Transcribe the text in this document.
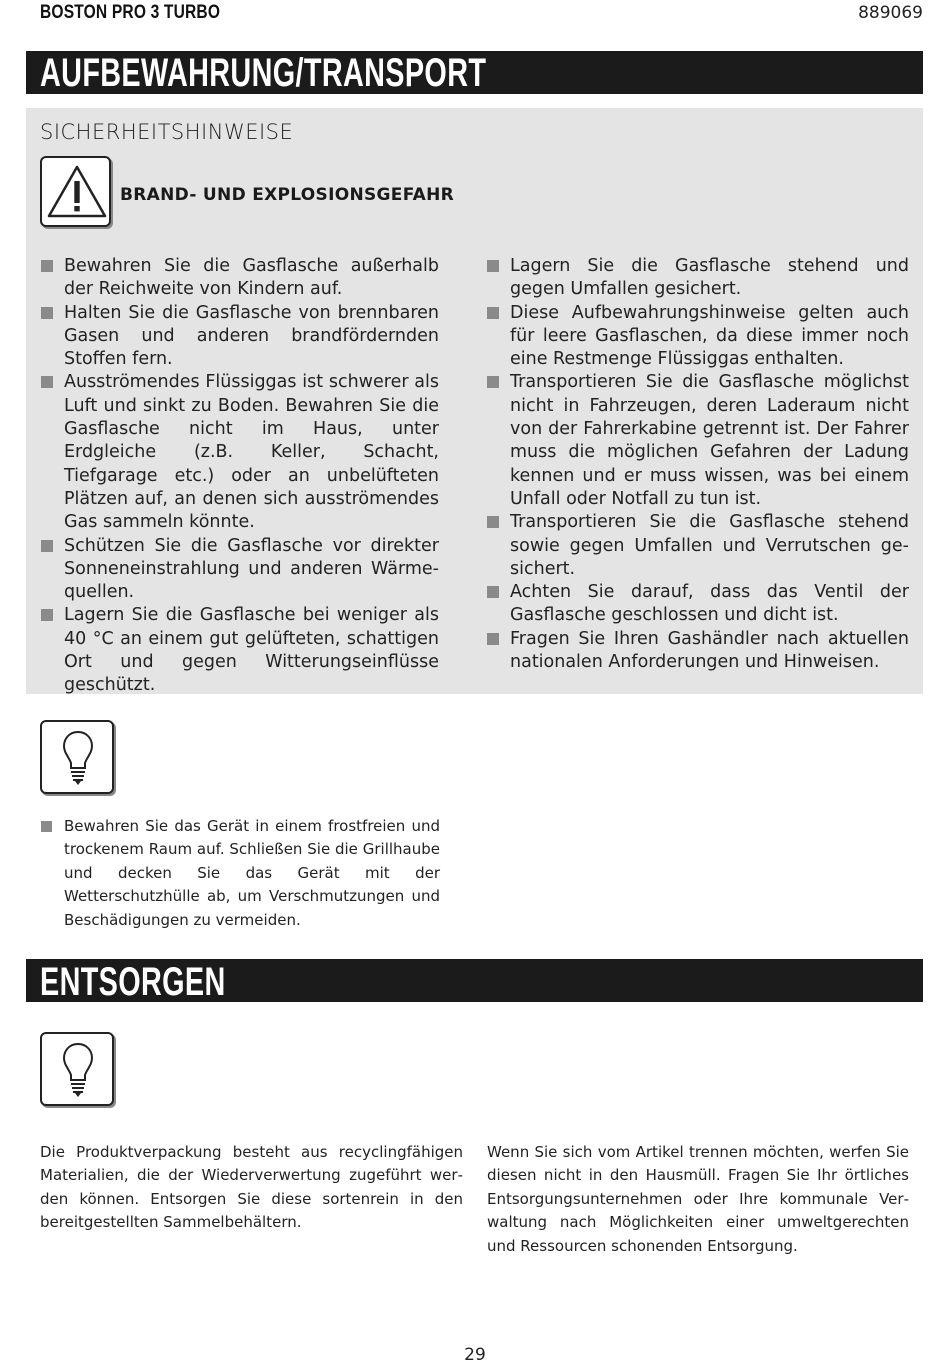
BOSTON PRO 3 TURBO	889069
AUFBEWAHRUNG/TRANSPORT
SICHERHEITSHINWEISE
BRAND- UND EXPLOSIONSGEFAHR
Bewahren Sie die Gasflasche außerhalb der Reichweite von Kindern auf.
Halten Sie die Gasflasche von brennbaren Gasen und anderen brandfördernden Stoffen fern.
Ausströmendes Flüssiggas ist schwerer als Luft und sinkt zu Boden. Bewahren Sie die Gasflasche nicht im Haus, unter Erdgleiche (z.B. Keller, Schacht, Tiefgarage etc.) oder an unbelüfteten Plätzen auf, an denen sich ausströmendes Gas sammeln könnte.
Schützen Sie die Gasflasche vor direkter Sonneneinstrahlung und anderen Wärmequellen.
Lagern Sie die Gasflasche bei weniger als 40 °C an einem gut gelüfteten, schattigen Ort und gegen Witterungseinflüsse geschützt.
Lagern Sie die Gasflasche stehend und gegen Umfallen gesichert.
Diese Aufbewahrungshinweise gelten auch für leere Gasflaschen, da diese immer noch eine Restmenge Flüssiggas enthalten.
Transportieren Sie die Gasflasche möglichst nicht in Fahrzeugen, deren Laderaum nicht von der Fahrerkabine getrennt ist. Der Fahrer muss die möglichen Gefahren der Ladung kennen und er muss wissen, was bei einem Unfall oder Notfall zu tun ist.
Transportieren Sie die Gasflasche stehend sowie gegen Umfallen und Verrutschen gesichert.
Achten Sie darauf, dass das Ventil der Gasflasche geschlossen und dicht ist.
Fragen Sie Ihren Gashändler nach aktuellen nationalen Anforderungen und Hinweisen.
Bewahren Sie das Gerät in einem frostfreien und trockenem Raum auf. Schließen Sie die Grillhaube und decken Sie das Gerät mit der Wetterschutzhülle ab, um Verschmutzungen und Beschädigungen zu vermeiden.
ENTSORGEN
Die Produktverpackung besteht aus recyclingfähigen Materialien, die der Wiederverwertung zugeführt werden können. Entsorgen Sie diese sortenrein in den bereitgestellten Sammelbehältern.
Wenn Sie sich vom Artikel trennen möchten, werfen Sie diesen nicht in den Hausmüll. Fragen Sie Ihr örtliches Entsorgungsunternehmen oder Ihre kommunale Verwaltung nach Möglichkeiten einer umweltgerechten und Ressourcen schonenden Entsorgung.
29
